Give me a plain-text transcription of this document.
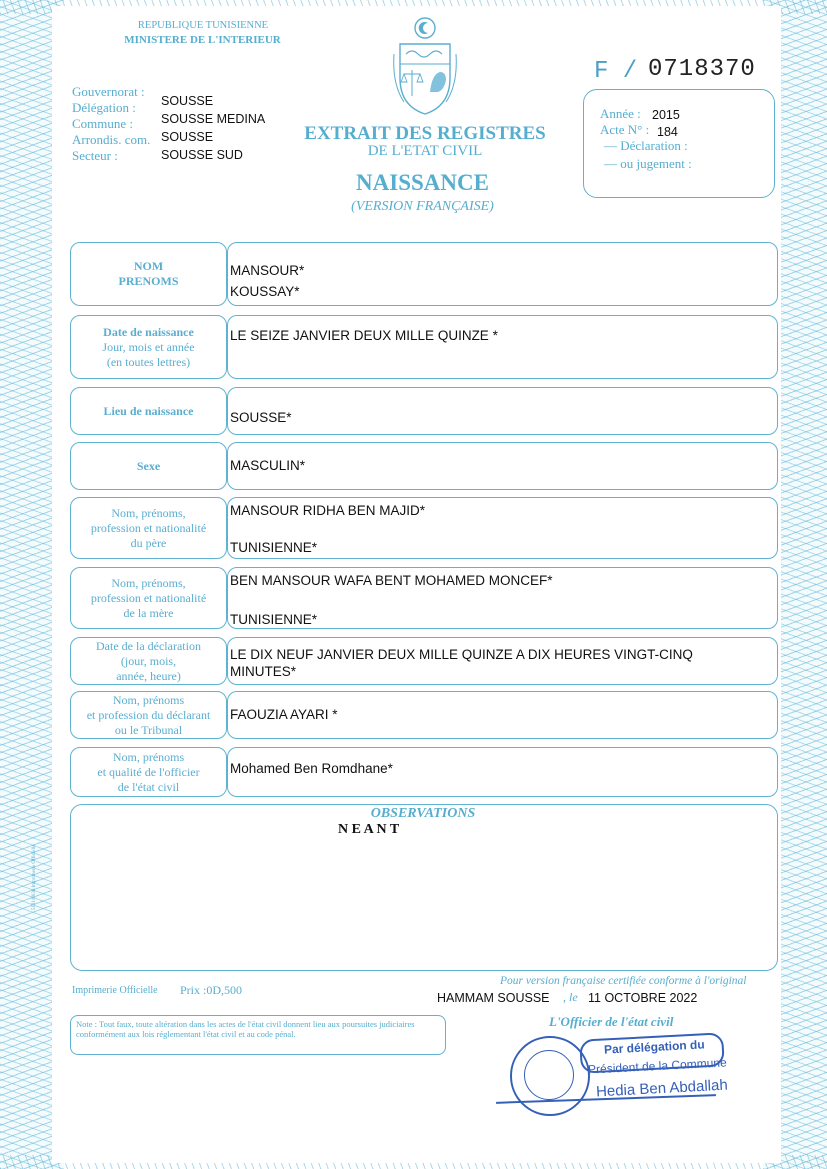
REPUBLIQUE TUNISIENNE
MINISTERE DE L'INTERIEUR
F / 0718370
Gouvernorat :
Délégation :
Commune :
Arrondis. com.
Secteur :
SOUSSE
SOUSSE MEDINA
SOUSSE
SOUSSE SUD
EXTRAIT DES REGISTRES
DE L'ETAT CIVIL
NAISSANCE
(VERSION FRANÇAISE)
Année : 2015
Acte N° : 184
— Déclaration :
— ou jugement :
NOM
PRENOMS
MANSOUR*
KOUSSAY*
Date de naissance
Jour, mois et année
(en toutes lettres)
LE SEIZE JANVIER DEUX MILLE QUINZE *
Lieu de naissance	SOUSSE*
Sexe	MASCULIN*
Nom, prénoms,
profession et nationalité
du père
MANSOUR RIDHA BEN MAJID*
TUNISIENNE*
Nom, prénoms,
profession et nationalité
de la mère
BEN MANSOUR WAFA BENT MOHAMED MONCEF*
TUNISIENNE*
Date de la déclaration
(jour, mois,
année, heure)
LE DIX NEUF JANVIER DEUX MILLE QUINZE A DIX HEURES VINGT-CINQ
MINUTES*
Nom, prénoms
et profession du déclarant
ou le Tribunal
FAOUZIA AYARI *
Nom, prénoms
et qualité de l'officier
de l'état civil
Mohamed Ben Romdhane*
OBSERVATIONS
N E A N T
5131/0036 Imprimerie Officielle
Imprimerie Officielle Prix :0D,500
Pour version française certifiée conforme à l'original
HAMMAM SOUSSE , le 11 OCTOBRE 2022
L'Officier de l'état civil
Note : Tout faux, toute altération dans les actes de l'état civil donnent lieu aux poursuites judiciaires conformément aux lois réglementant l'état civil et au code pénal.
Par délégation du
Président de la Commune
Hedia Ben Abdallah
